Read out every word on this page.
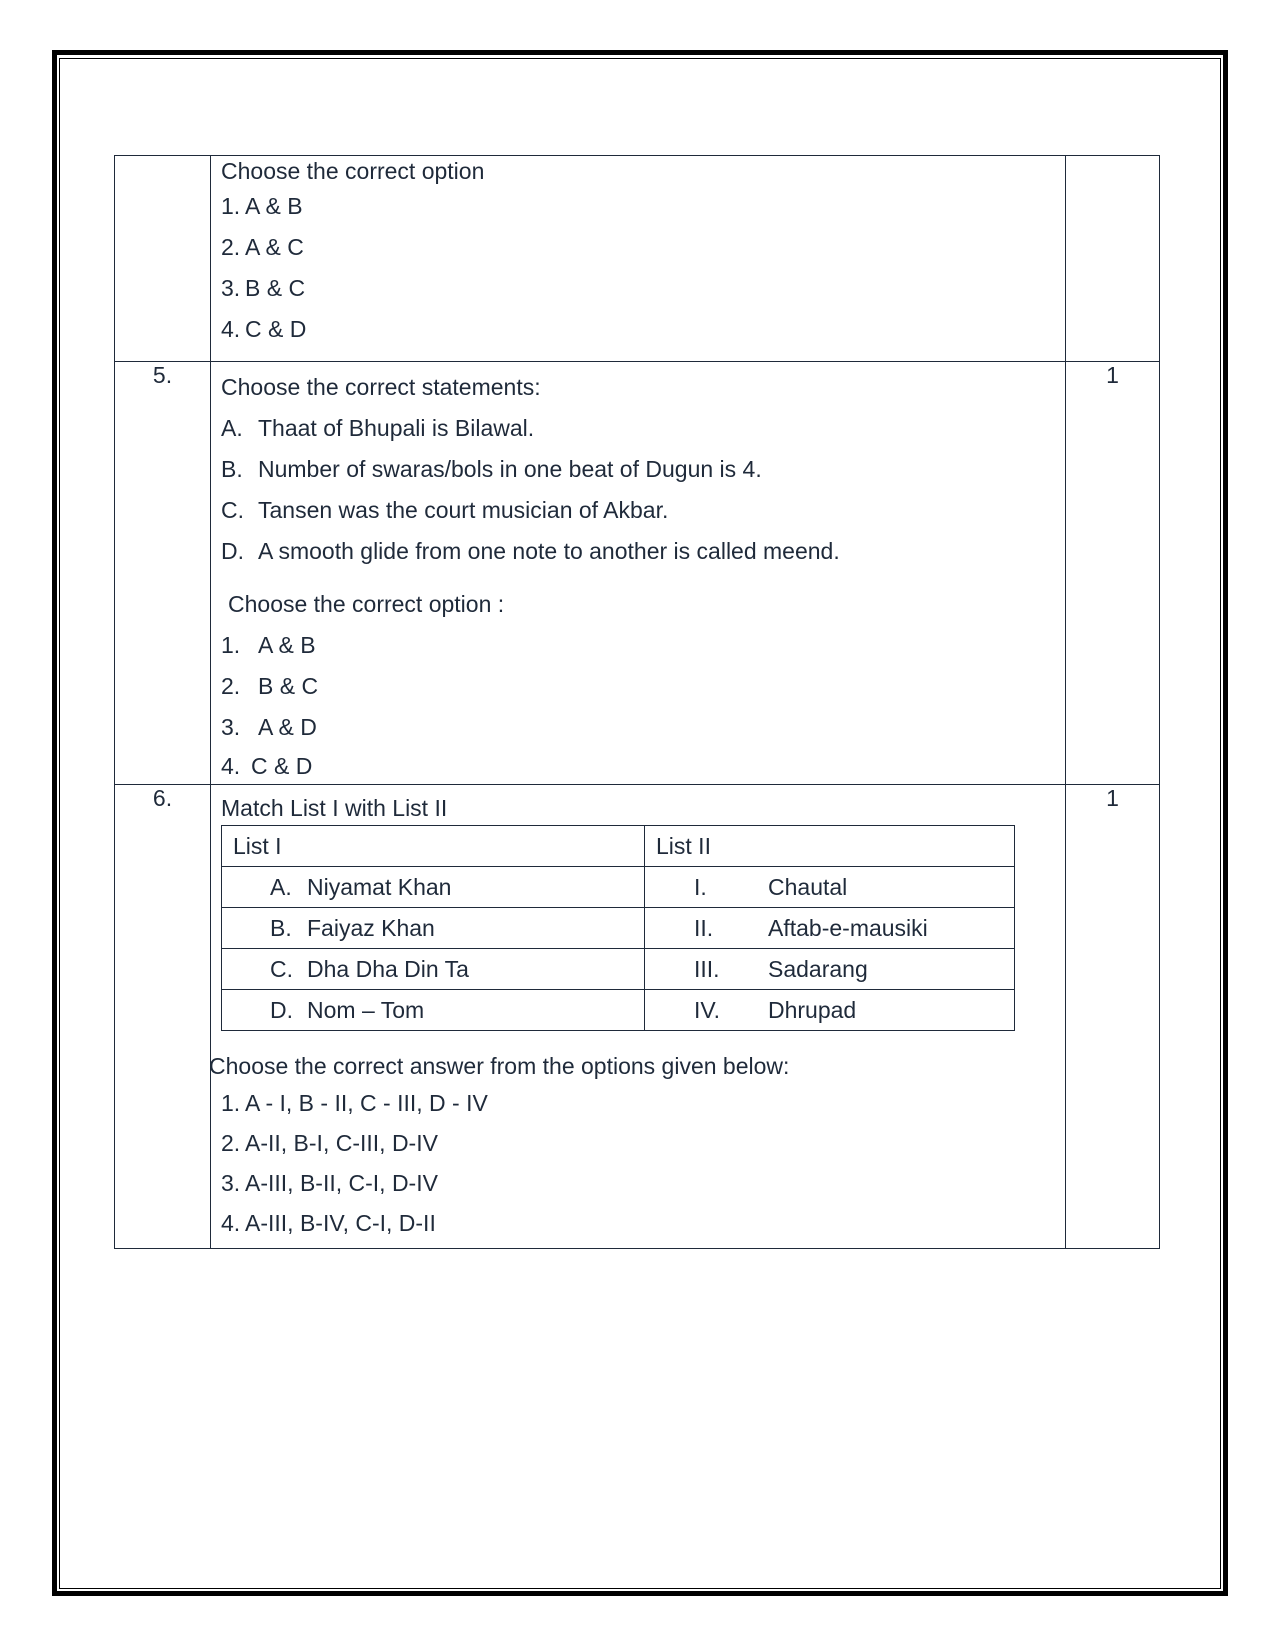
Choose the correct option
1. A & B
2. A & C
3. B & C
4. C & D

5.	Choose the correct statements:
A. Thaat of Bhupali is Bilawal.
B. Number of swaras/bols in one beat of Dugun is 4.
C. Tansen was the court musician of Akbar.
D. A smooth glide from one note to another is called meend.
Choose the correct option :
1. A & B
2. B & C
3. A & D
4. C & D
	1

6.	Match List I with List II
List I	List II
A. Niyamat Khan	I.	Chautal
B. Faiyaz Khan	II. Aftab-e-mausiki
C. Dha Dha Din Ta	III. Sadarang
D. Nom – Tom	IV. Dhrupad
Choose the correct answer from the options given below:
1. A - I, B - II, C - III, D - IV
2. A-II, B-I, C-III, D-IV
3. A-III, B-II, C-I, D-IV
4. A-III, B-IV, C-I, D-II
	1
